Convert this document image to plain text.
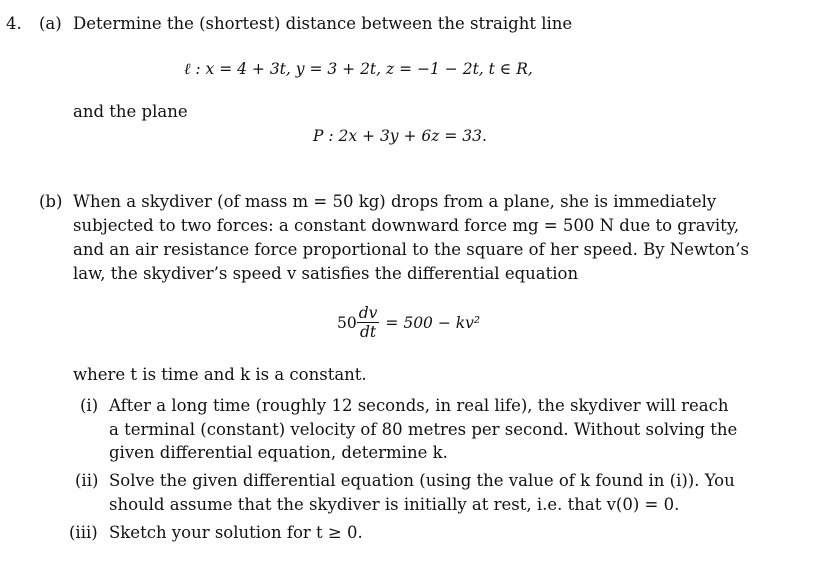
4. (a) Determine the (shortest) distance between the straight line
ℓ : x = 4 + 3t, y = 3 + 2t, z = −1 − 2t, t ∈ R,
and the plane
P : 2x + 3y + 6z = 33.
(b) When a skydiver (of mass m = 50 kg) drops from a plane, she is immediately
subjected to two forces: a constant downward force mg = 500 N due to gravity,
and an air resistance force proportional to the square of her speed. By Newton’s
law, the skydiver’s speed v satisfies the differential equation
$50 \frac{dv}{dt} = 500 - kv^2$
where t is time and k is a constant.
(i) After a long time (roughly 12 seconds, in real life), the skydiver will reach
a terminal (constant) velocity of 80 metres per second. Without solving the
given differential equation, determine k.
(ii) Solve the given differential equation (using the value of k found in (i)). You
should assume that the skydiver is initially at rest, i.e. that v(0) = 0.
(iii) Sketch your solution for t ≥ 0.
